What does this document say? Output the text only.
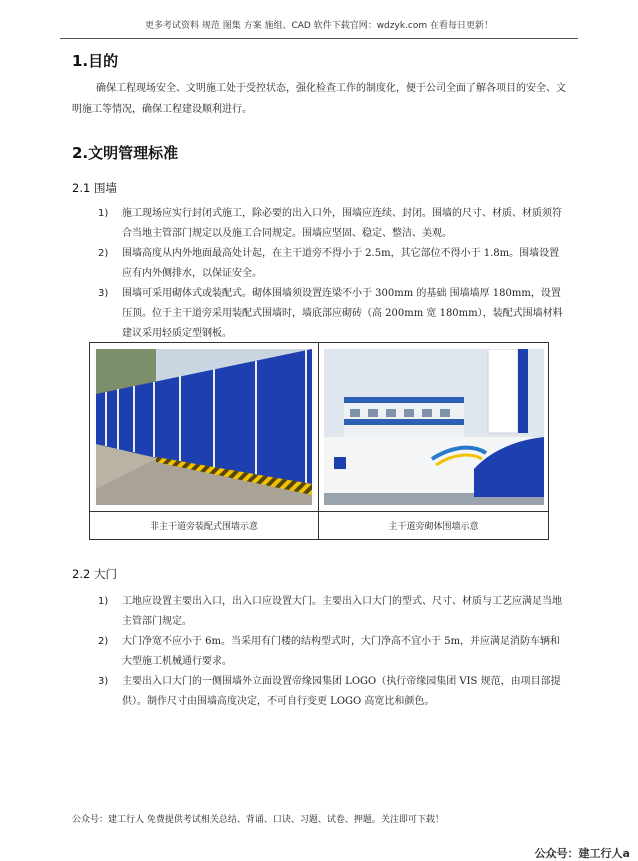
更多考试资料 规范 图集 方案 施组、CAD 软件下载官网：wdzyk.com 在看每日更新！
1.目的
确保工程现场安全、文明施工处于受控状态，强化检查工作的制度化，便于公司全面了解各项目的安全、文明施工等情况，确保工程建设顺利进行。
2.文明管理标准
2.1 围墙
1) 施工现场应实行封闭式施工，除必要的出入口外，围墙应连续、封闭。围墙的尺寸、材质、材质须符合当地主管部门规定以及施工合同规定。围墙应坚固、稳定、整洁、美观。
2) 围墙高度从内外地面最高处计起，在主干道旁不得小于 2.5m，其它部位不得小于 1.8m。围墙设置应有内外侧排水，以保证安全。
3) 围墙可采用砌体式或装配式。砌体围墙须设置连梁不小于 300mm 的基础 围墙墙厚 180mm，设置压顶。位于主干道旁采用装配式围墙时，墙底部应砌砖（高 200mm 宽 180mm），装配式围墙材料建议采用轻质定型钢板。
非主干道旁装配式围墙示意	主干道旁砌体围墙示意
2.2 大门
1) 工地应设置主要出入口，出入口应设置大门。主要出入口大门的型式、尺寸、材质与工艺应满足当地主管部门规定。
2) 大门净宽不应小于 6m。当采用有门楼的结构型式时，大门净高不宜小于 5m，并应满足消防车辆和大型施工机械通行要求。
3) 主要出入口大门的一侧围墙外立面设置帝缘园集团 LOGO（执行帝缘园集团 VIS 规范，由项目部提供）。制作尺寸由围墙高度决定，不可自行变更 LOGO 高宽比和颜色。
公众号：建工行人 免费提供考试相关总结、背诵、口诀、习题、试卷、押题。关注即可下载！
公众号：建工行人a
